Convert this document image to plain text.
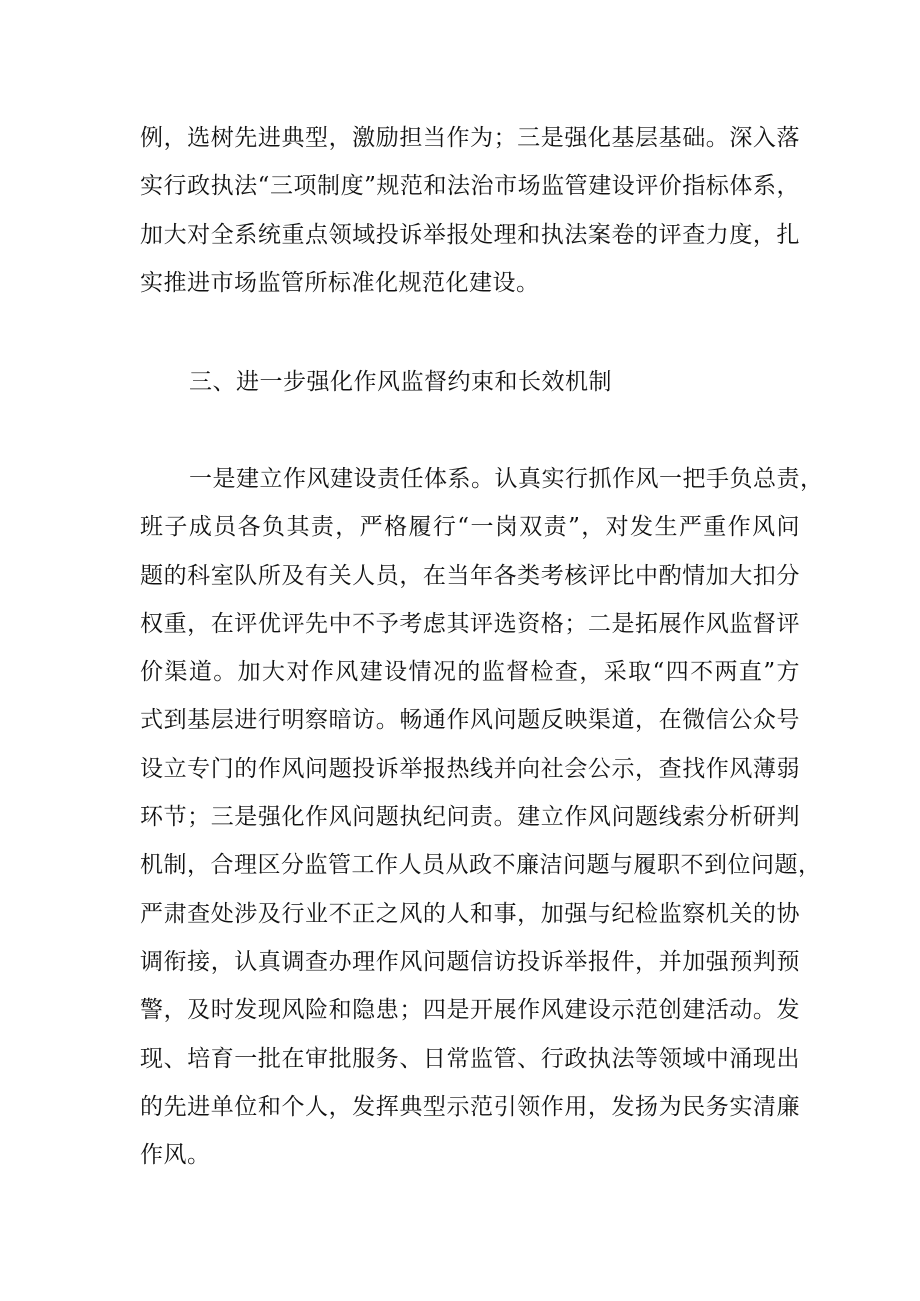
例，选树先进典型，激励担当作为；三是强化基层基础。深入落
实行政执法“三项制度”规范和法治市场监管建设评价指标体系，
加大对全系统重点领域投诉举报处理和执法案卷的评查力度，扎
实推进市场监管所标准化规范化建设。
三、进一步强化作风监督约束和长效机制
一是建立作风建设责任体系。认真实行抓作风一把手负总责，
班子成员各负其责，严格履行“一岗双责”，对发生严重作风问
题的科室队所及有关人员，在当年各类考核评比中酌情加大扣分
权重，在评优评先中不予考虑其评选资格；二是拓展作风监督评
价渠道。加大对作风建设情况的监督检查，采取“四不两直”方
式到基层进行明察暗访。畅通作风问题反映渠道，在微信公众号
设立专门的作风问题投诉举报热线并向社会公示，查找作风薄弱
环节；三是强化作风问题执纪问责。建立作风问题线索分析研判
机制，合理区分监管工作人员从政不廉洁问题与履职不到位问题，
严肃查处涉及行业不正之风的人和事，加强与纪检监察机关的协
调衔接，认真调查办理作风问题信访投诉举报件，并加强预判预
警，及时发现风险和隐患；四是开展作风建设示范创建活动。发
现、培育一批在审批服务、日常监管、行政执法等领域中涌现出
的先进单位和个人，发挥典型示范引领作用，发扬为民务实清廉
作风。
